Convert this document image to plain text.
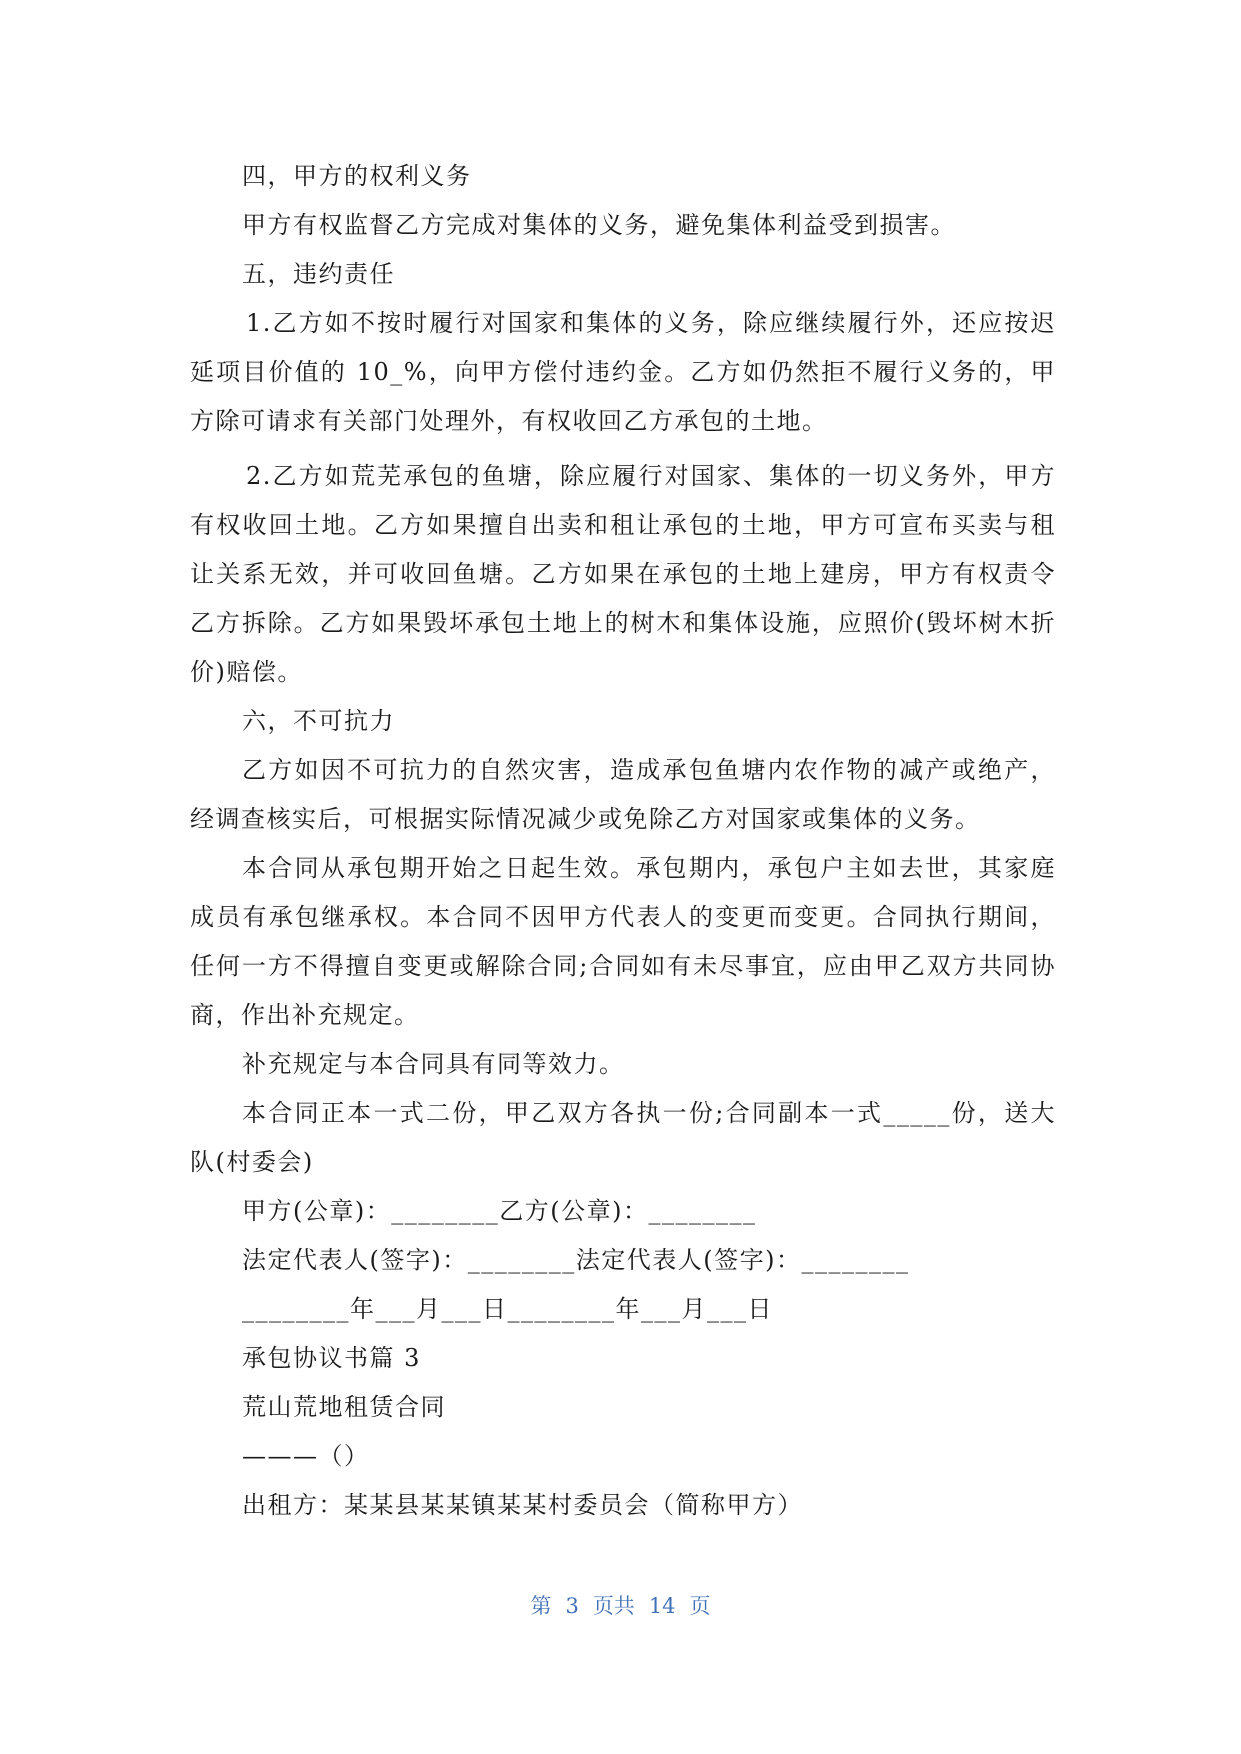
四，甲方的权利义务

甲方有权监督乙方完成对集体的义务，避免集体利益受到损害。

五，违约责任

1.乙方如不按时履行对国家和集体的义务，除应继续履行外，还应按迟延项目价值的 10_%，向甲方偿付违约金。乙方如仍然拒不履行义务的，甲方除可请求有关部门处理外，有权收回乙方承包的土地。

2.乙方如荒芜承包的鱼塘，除应履行对国家、集体的一切义务外，甲方有权收回土地。乙方如果擅自出卖和租让承包的土地，甲方可宣布买卖与租让关系无效，并可收回鱼塘。乙方如果在承包的土地上建房，甲方有权责令乙方拆除。乙方如果毁坏承包土地上的树木和集体设施，应照价(毁坏树木折价)赔偿。

六，不可抗力

乙方如因不可抗力的自然灾害，造成承包鱼塘内农作物的减产或绝产，经调查核实后，可根据实际情况减少或免除乙方对国家或集体的义务。

本合同从承包期开始之日起生效。承包期内，承包户主如去世，其家庭成员有承包继承权。本合同不因甲方代表人的变更而变更。合同执行期间，任何一方不得擅自变更或解除合同;合同如有未尽事宜，应由甲乙双方共同协商，作出补充规定。

补充规定与本合同具有同等效力。

本合同正本一式二份，甲乙双方各执一份;合同副本一式_____份，送大队(村委会)

甲方(公章)：________乙方(公章)：________

法定代表人(签字)：________法定代表人(签字)：________

________年___月___日________年___月___日

承包协议书篇 3

荒山荒地租赁合同

———（）

出租方：某某县某某镇某某村委员会（简称甲方）

第 3 页共 14 页
